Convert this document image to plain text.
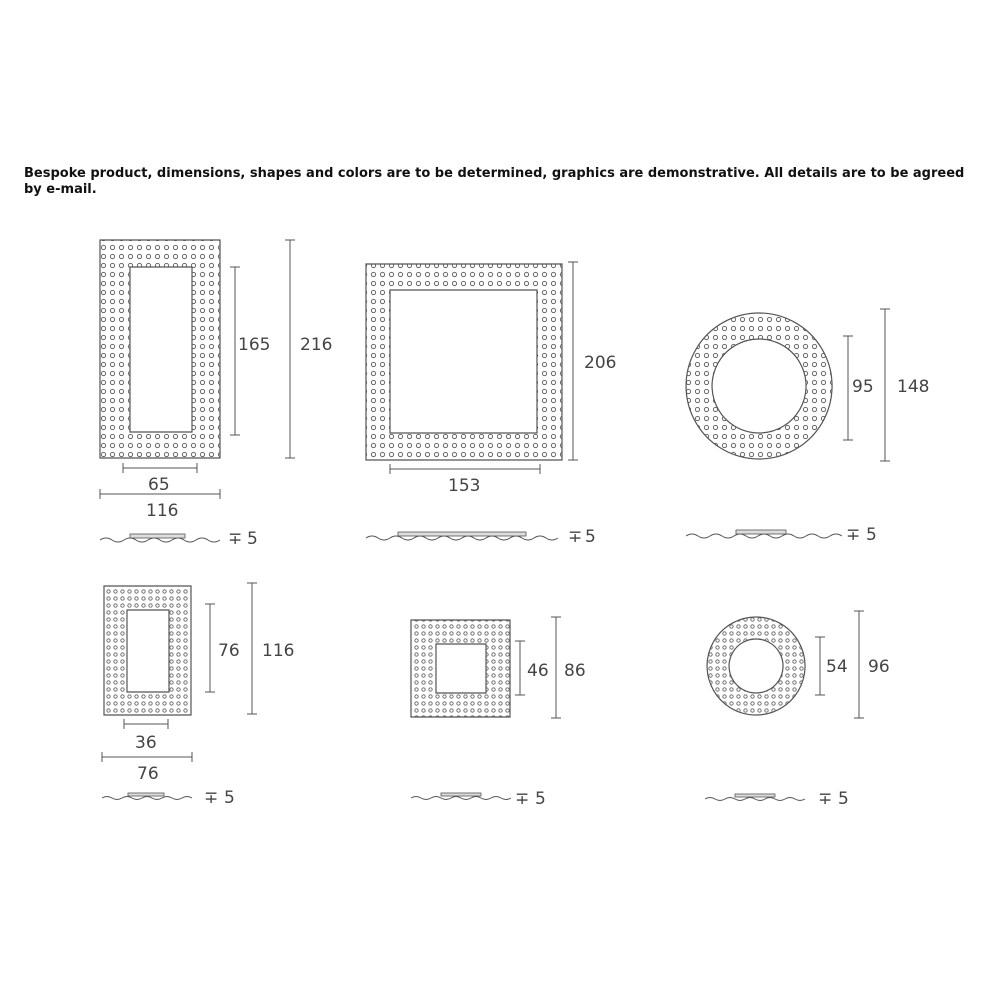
Bespoke product, dimensions, shapes and colors are to be determined, graphics are demonstrative. All details are to be agreed by e-mail.

165 216
65
116
∓ 5
206
153
∓ 5
95 148
∓ 5
76 116
36
76
∓ 5
46 86
∓ 5
54 96
∓ 5
